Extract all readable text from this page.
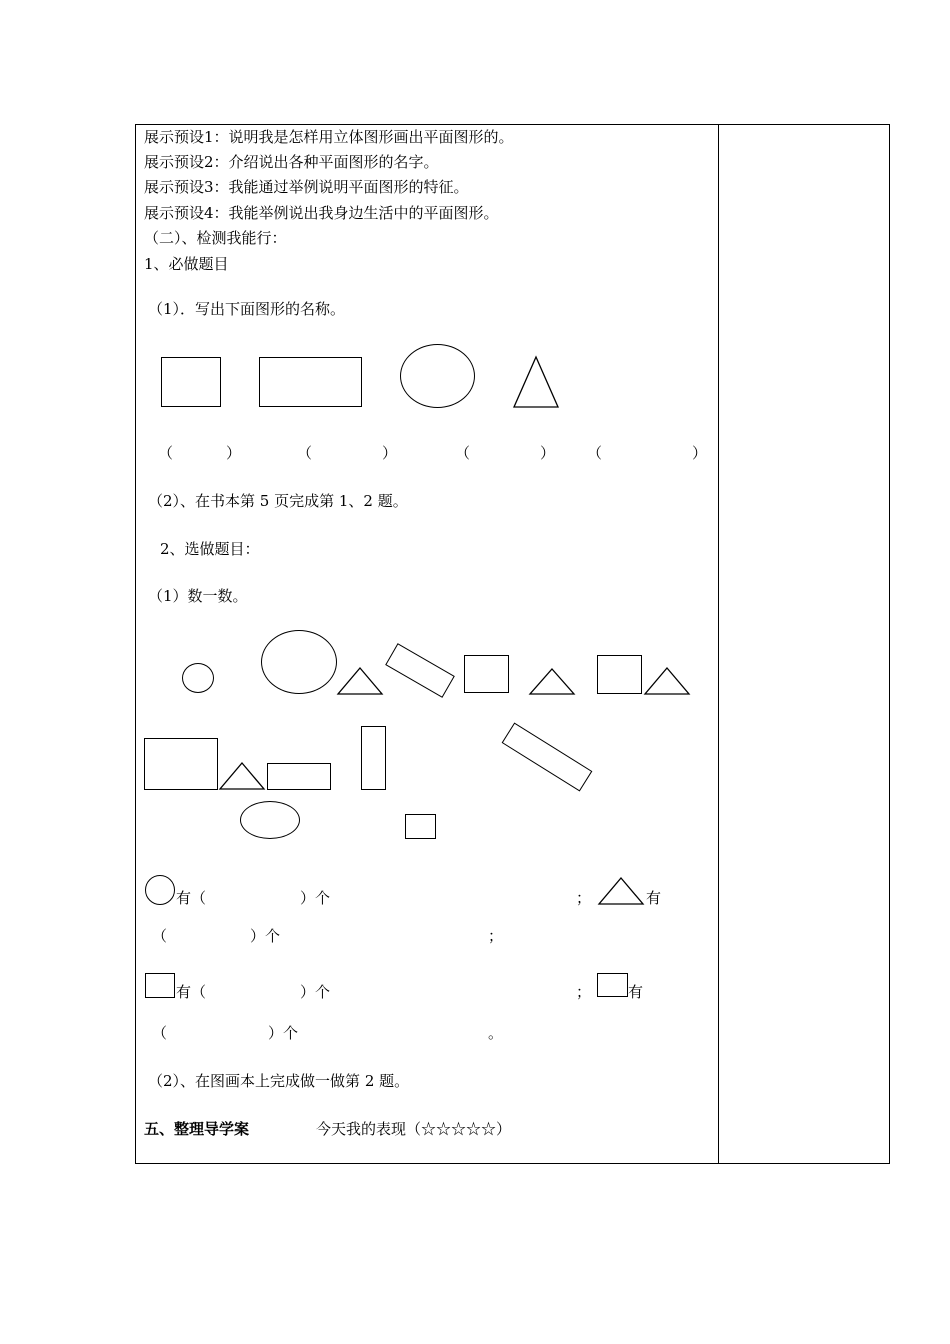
展示预设1：说明我是怎样用立体图形画出平面图形的。
展示预设2：介绍说出各种平面图形的名字。
展示预设3：我能通过举例说明平面图形的特征。
展示预设4：我能举例说出我身边生活中的平面图形。
（二）、检测我能行：
1、必做题目
（1）．写出下面图形的名称。
（	）	（	）	（	） （	）
（2）、在书本第 5 页完成第 1、2 题。
2、选做题目：
（1）数一数。
有（	）个	；	有
（	）个	；
有（	）个	； 有
（	）个	。
（2）、在图画本上完成做一做第 2 题。
五、整理导学案	今天我的表现（☆☆☆☆☆）
